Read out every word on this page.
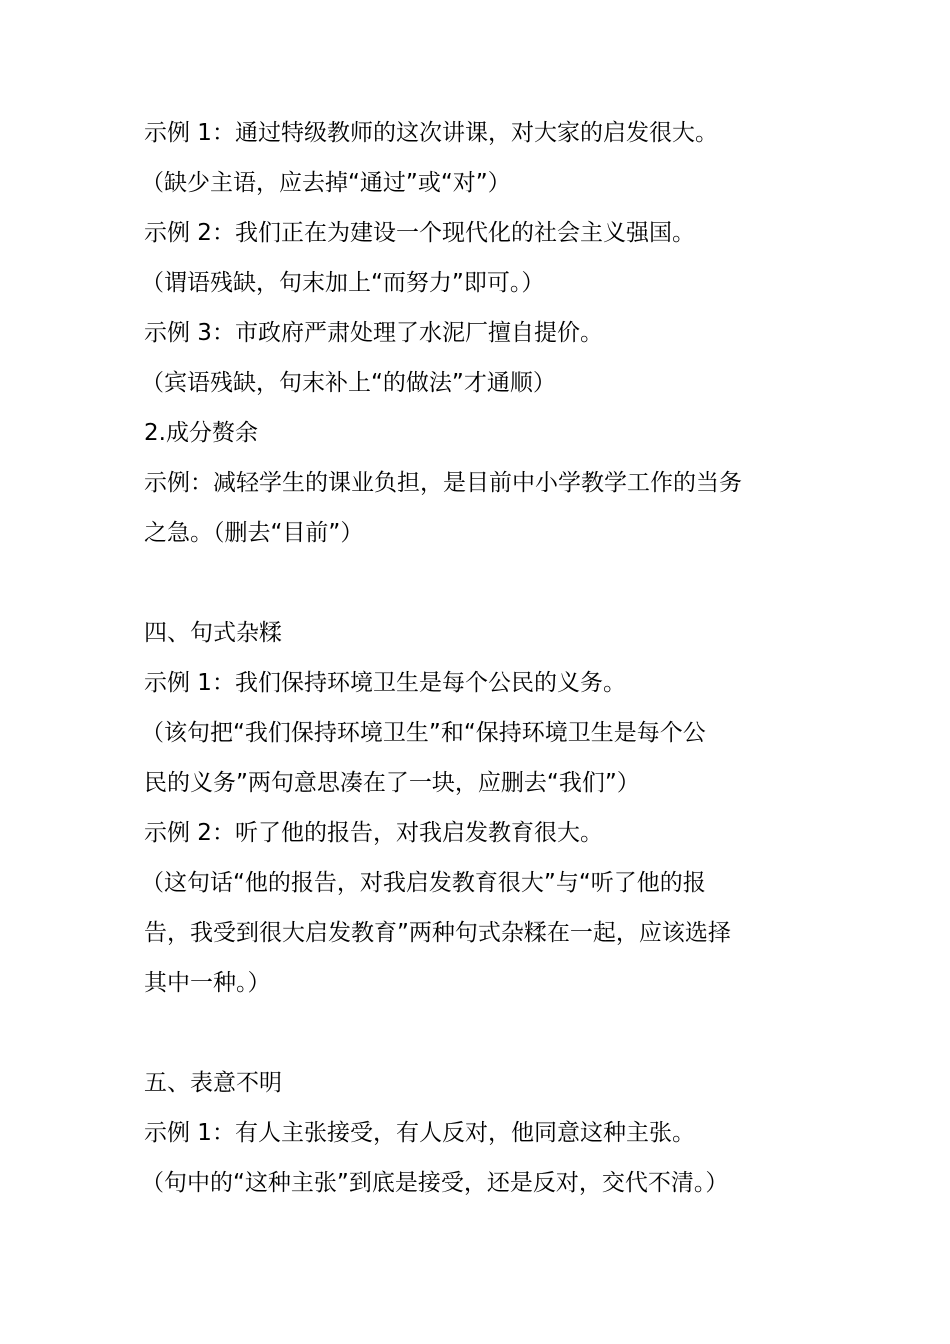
示例 1：通过特级教师的这次讲课，对大家的启发很大。
（缺少主语，应去掉“通过”或“对”）
示例 2：我们正在为建设一个现代化的社会主义强国。
（谓语残缺，句末加上“而努力”即可。）
示例 3：市政府严肃处理了水泥厂擅自提价。
（宾语残缺，句末补上“的做法”才通顺）
2.成分赘余
示例：减轻学生的课业负担，是目前中小学教学工作的当务
之急。（删去“目前”）
四、句式杂糅
示例 1：我们保持环境卫生是每个公民的义务。
（该句把“我们保持环境卫生”和“保持环境卫生是每个公
民的义务”两句意思凑在了一块，应删去“我们”）
示例 2：听了他的报告，对我启发教育很大。
（这句话“他的报告，对我启发教育很大”与“听了他的报
告，我受到很大启发教育”两种句式杂糅在一起，应该选择
其中一种。）
五、表意不明
示例 1：有人主张接受，有人反对，他同意这种主张。
（句中的“这种主张”到底是接受，还是反对，交代不清。）
